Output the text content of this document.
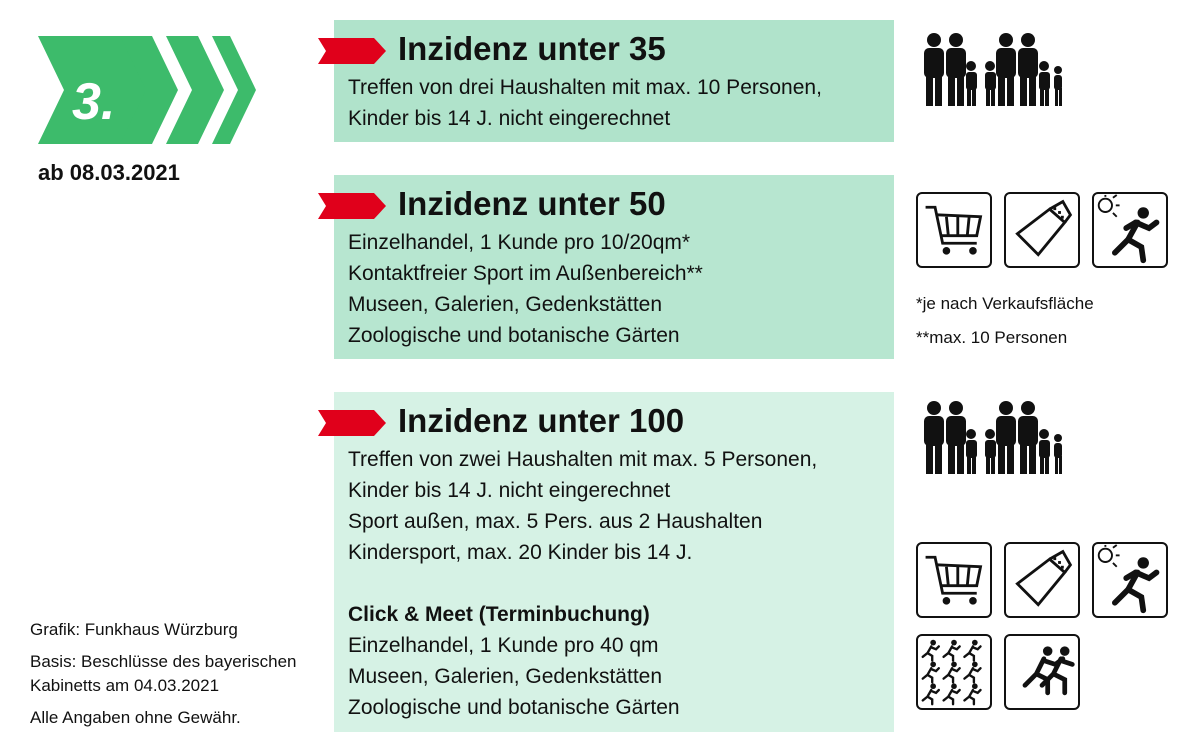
3.
ab 08.03.2021
Inzidenz unter 35
Treffen von drei Haushalten mit max. 10 Personen,
Kinder bis 14 J. nicht eingerechnet
Inzidenz unter 50
Einzelhandel, 1 Kunde pro 10/20qm*
Kontaktfreier Sport im Außenbereich**
Museen, Galerien, Gedenkstätten
Zoologische und botanische Gärten
*je nach Verkaufsfläche
**max. 10 Personen
Inzidenz unter 100
Treffen von zwei Haushalten mit max. 5 Personen,
Kinder bis 14 J. nicht eingerechnet
Sport außen, max. 5 Pers. aus 2 Haushalten
Kindersport, max. 20 Kinder bis 14 J.
Click & Meet (Terminbuchung)
Einzelhandel, 1 Kunde pro 40 qm
Museen, Galerien, Gedenkstätten
Zoologische und botanische Gärten

Grafik: Funkhaus Würzburg

Basis: Beschlüsse des bayerischen Kabinetts am 04.03.2021

Alle Angaben ohne Gewähr.
